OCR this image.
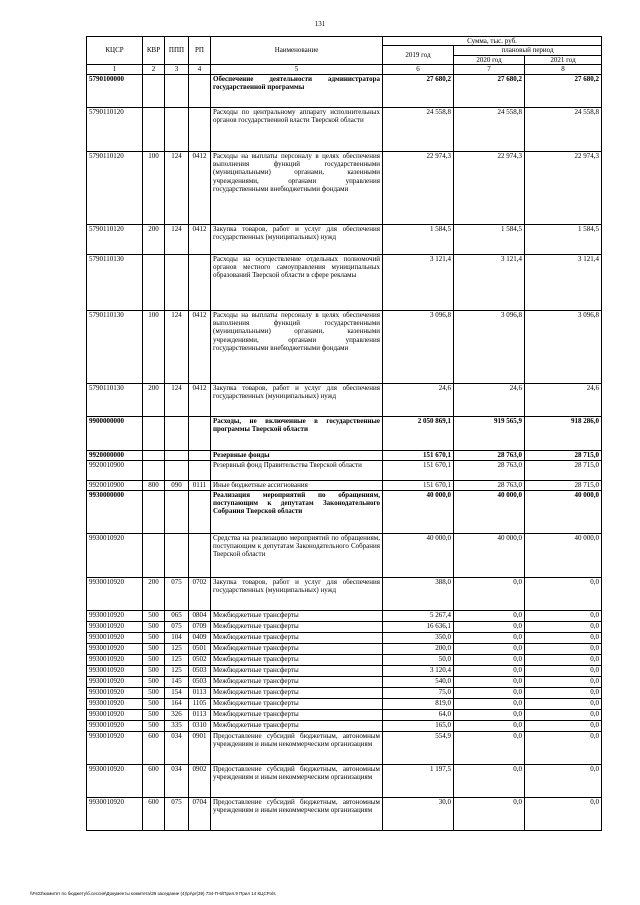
131
КЦСР	КВР	ППП	РП	Наименование	Сумма, тыс. руб.		
					2019 год	плановый период	
						2020 год	2021 год
1	2	3	4	5	6	7	8
5790100000				Обеспечение деятельности администратора государственной программы	27 680,2	27 680,2	27 680,2
5790110120				Расходы по центральному аппарату исполнительных органов государственной власти Тверской области	24 558,8	24 558,8	24 558,8
5790110120	100	124	0412	Расходы на выплаты персоналу в целях обеспечения выполнения функций государственными (муниципальными) органами, казенными учреждениями, органами управления государственными внебюджетными фондами	22 974,3	22 974,3	22 974,3
5790110120	200	124	0412	Закупка товаров, работ и услуг для обеспечения государственных (муниципальных) нужд	1 584,5	1 584,5	1 584,5
5790110130				Расходы на осуществление отдельных полномочий органов местного самоуправления муниципальных образований Тверской области в сфере рекламы	3 121,4	3 121,4	3 121,4
5790110130	100	124	0412	Расходы на выплаты персоналу в целях обеспечения выполнения функций государственными (муниципальными) органами, казенными учреждениями, органами управления государственными внебюджетными фондами	3 096,8	3 096,8	3 096,8
5790110130	200	124	0412	Закупка товаров, работ и услуг для обеспечения государственных (муниципальных) нужд	24,6	24,6	24,6
9900000000				Расходы, не включенные в государственные программы Тверской области	2 050 869,1	919 565,9	918 286,0
9920000000				Резервные фонды	151 670,1	28 763,0	28 715,0
9920010900				Резервный фонд Правительства Тверской области	151 670,1	28 763,0	28 715,0
9920010900	800	090	0111	Иные бюджетные ассигнования	151 670,1	28 763,0	28 715,0
9930000000				Реализация мероприятий по обращениям, поступающим к депутатам Законодательного Собрания Тверской области	40 000,0	40 000,0	40 000,0
9930010920				Средства на реализацию мероприятий по обращениям, поступающим к депутатам Законодательного Собрания Тверской области	40 000,0	40 000,0	40 000,0
9930010920	200	075	0702	Закупка товаров, работ и услуг для обеспечения государственных (муниципальных) нужд	388,0	0,0	0,0
9930010920	500	065	0804	Межбюджетные трансферты	5 267,4	0,0	0,0
9930010920	500	075	0709	Межбюджетные трансферты	16 636,1	0,0	0,0
9930010920	500	104	0409	Межбюджетные трансферты	350,0	0,0	0,0
9930010920	500	125	0501	Межбюджетные трансферты	200,0	0,0	0,0
9930010920	500	125	0502	Межбюджетные трансферты	50,0	0,0	0,0
9930010920	500	125	0503	Межбюджетные трансферты	3 120,4	0,0	0,0
9930010920	500	145	0503	Межбюджетные трансферты	540,0	0,0	0,0
9930010920	500	154	0113	Межбюджетные трансферты	75,0	0,0	0,0
9930010920	500	164	1105	Межбюджетные трансферты	819,0	0,0	0,0
9930010920	500	326	0113	Межбюджетные трансферты	64,0	0,0	0,0
9930010920	500	335	0310	Межбюджетные трансферты	165,0	0,0	0,0
9930010920	600	034	0901	Предоставление субсидий бюджетным, автономным учреждениям и иным некоммерческим организациям	554,9	0,0	0,0
9930010920	600	034	0902	Предоставление субсидий бюджетным, автономным учреждениям и иным некоммерческим организациям	1 197,5	0,0	0,0
9930010920	600	075	0704	Предоставление субсидий бюджетным, автономным учреждениям и иным некоммерческим организациям	30,0	0,0	0,0
\\Fs03\комитет по бюджету\б.сессия\Документы комитета\39 заседание (4)\pr\pr(39) 734-П-6\Прил.9 Прил 14 КЦСР.xls
